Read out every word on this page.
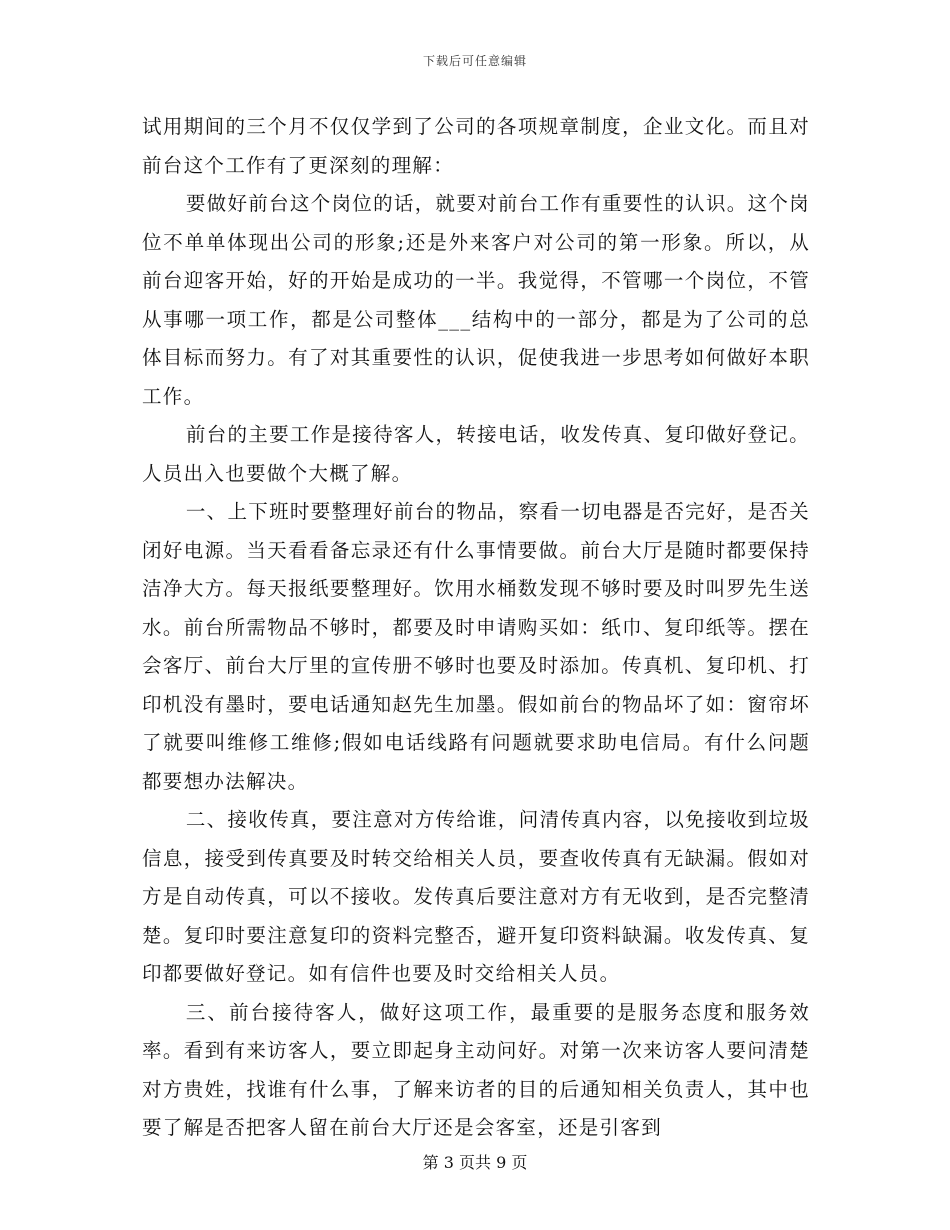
下载后可任意编辑

试用期间的三个月不仅仅学到了公司的各项规章制度，企业文化。而且对前台这个工作有了更深刻的理解：

要做好前台这个岗位的话，就要对前台工作有重要性的认识。这个岗位不单单体现出公司的形象;还是外来客户对公司的第一形象。所以，从前台迎客开始，好的开始是成功的一半。我觉得，不管哪一个岗位，不管从事哪一项工作，都是公司整体___结构中的一部分，都是为了公司的总体目标而努力。有了对其重要性的认识，促使我进一步思考如何做好本职工作。

前台的主要工作是接待客人，转接电话，收发传真、复印做好登记。人员出入也要做个大概了解。

一、上下班时要整理好前台的物品，察看一切电器是否完好，是否关闭好电源。当天看看备忘录还有什么事情要做。前台大厅是随时都要保持洁净大方。每天报纸要整理好。饮用水桶数发现不够时要及时叫罗先生送水。前台所需物品不够时，都要及时申请购买如：纸巾、复印纸等。摆在会客厅、前台大厅里的宣传册不够时也要及时添加。传真机、复印机、打印机没有墨时，要电话通知赵先生加墨。假如前台的物品坏了如：窗帘坏了就要叫维修工维修;假如电话线路有问题就要求助电信局。有什么问题都要想办法解决。

二、接收传真，要注意对方传给谁，问清传真内容，以免接收到垃圾信息，接受到传真要及时转交给相关人员，要查收传真有无缺漏。假如对方是自动传真，可以不接收。发传真后要注意对方有无收到，是否完整清楚。复印时要注意复印的资料完整否，避开复印资料缺漏。收发传真、复印都要做好登记。如有信件也要及时交给相关人员。

三、前台接待客人，做好这项工作，最重要的是服务态度和服务效率。看到有来访客人，要立即起身主动问好。对第一次来访客人要问清楚对方贵姓，找谁有什么事，了解来访者的目的后通知相关负责人，其中也要了解是否把客人留在前台大厅还是会客室，还是引客到

第 3 页共 9 页
